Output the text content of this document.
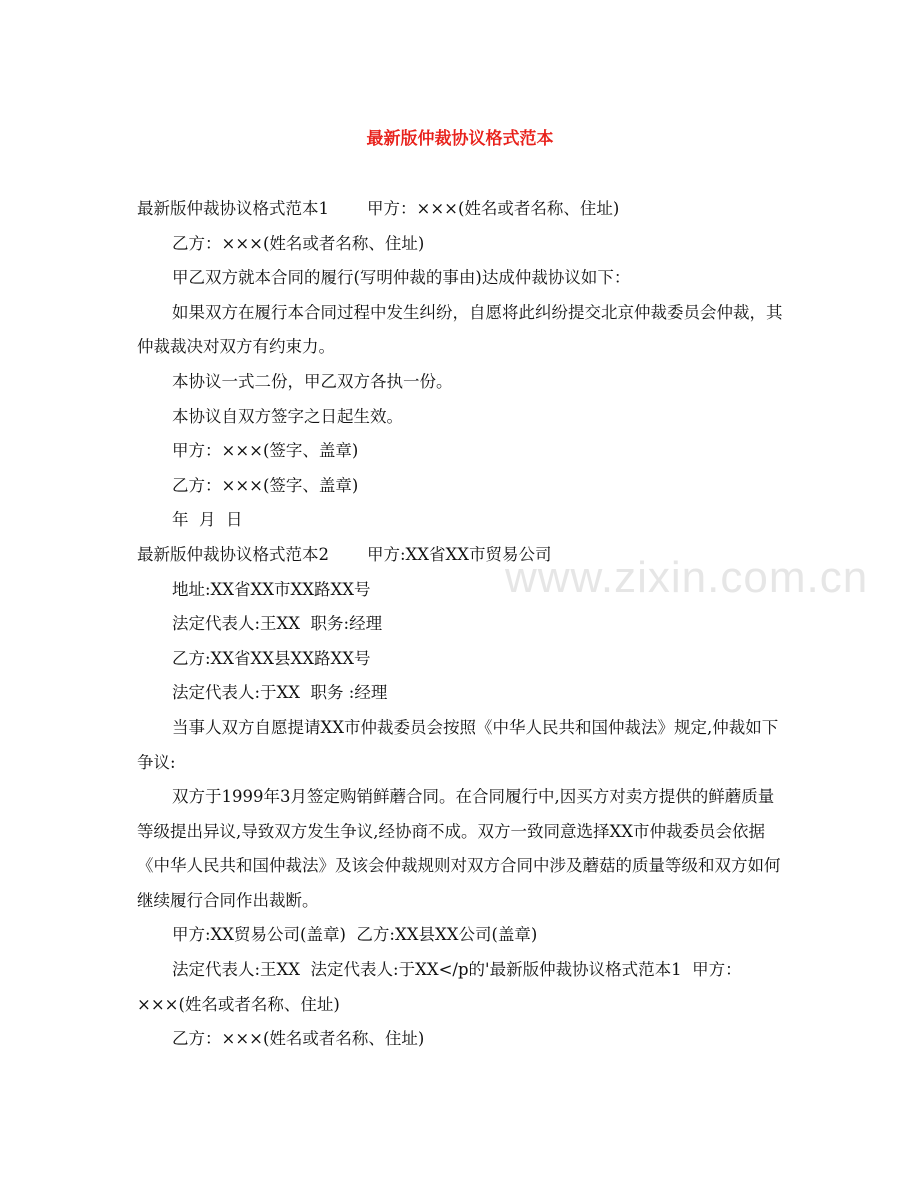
最新版仲裁协议格式范本
www.zixin.com.cn

最新版仲裁协议格式范本1 甲方：×××(姓名或者名称、住址)

乙方：×××(姓名或者名称、住址)

甲乙双方就本合同的履行(写明仲裁的事由)达成仲裁协议如下：

如果双方在履行本合同过程中发生纠纷，自愿将此纠纷提交北京仲裁委员会仲裁，其仲裁裁决对双方有约束力。

本协议一式二份，甲乙双方各执一份。

本协议自双方签字之日起生效。

甲方：×××(签字、盖章)

乙方：×××(签字、盖章)

年  月  日

最新版仲裁协议格式范本2 甲方:XX省XX市贸易公司

地址:XX省XX市XX路XX号

法定代表人:王XX  职务:经理

乙方:XX省XX县XX路XX号

法定代表人:于XX  职务 :经理

当事人双方自愿提请XX市仲裁委员会按照《中华人民共和国仲裁法》规定,仲裁如下争议:

双方于1999年3月签定购销鲜蘑合同。在合同履行中,因买方对卖方提供的鲜蘑质量等级提出异议,导致双方发生争议,经协商不成。双方一致同意选择XX市仲裁委员会依据《中华人民共和国仲裁法》及该会仲裁规则对双方合同中涉及蘑菇的质量等级和双方如何继续履行合同作出裁断。

甲方:XX贸易公司(盖章)  乙方:XX县XX公司(盖章)

法定代表人:王XX  法定代表人:于XX</p的'最新版仲裁协议格式范本1  甲方：×××(姓名或者名称、住址)

乙方：×××(姓名或者名称、住址)
